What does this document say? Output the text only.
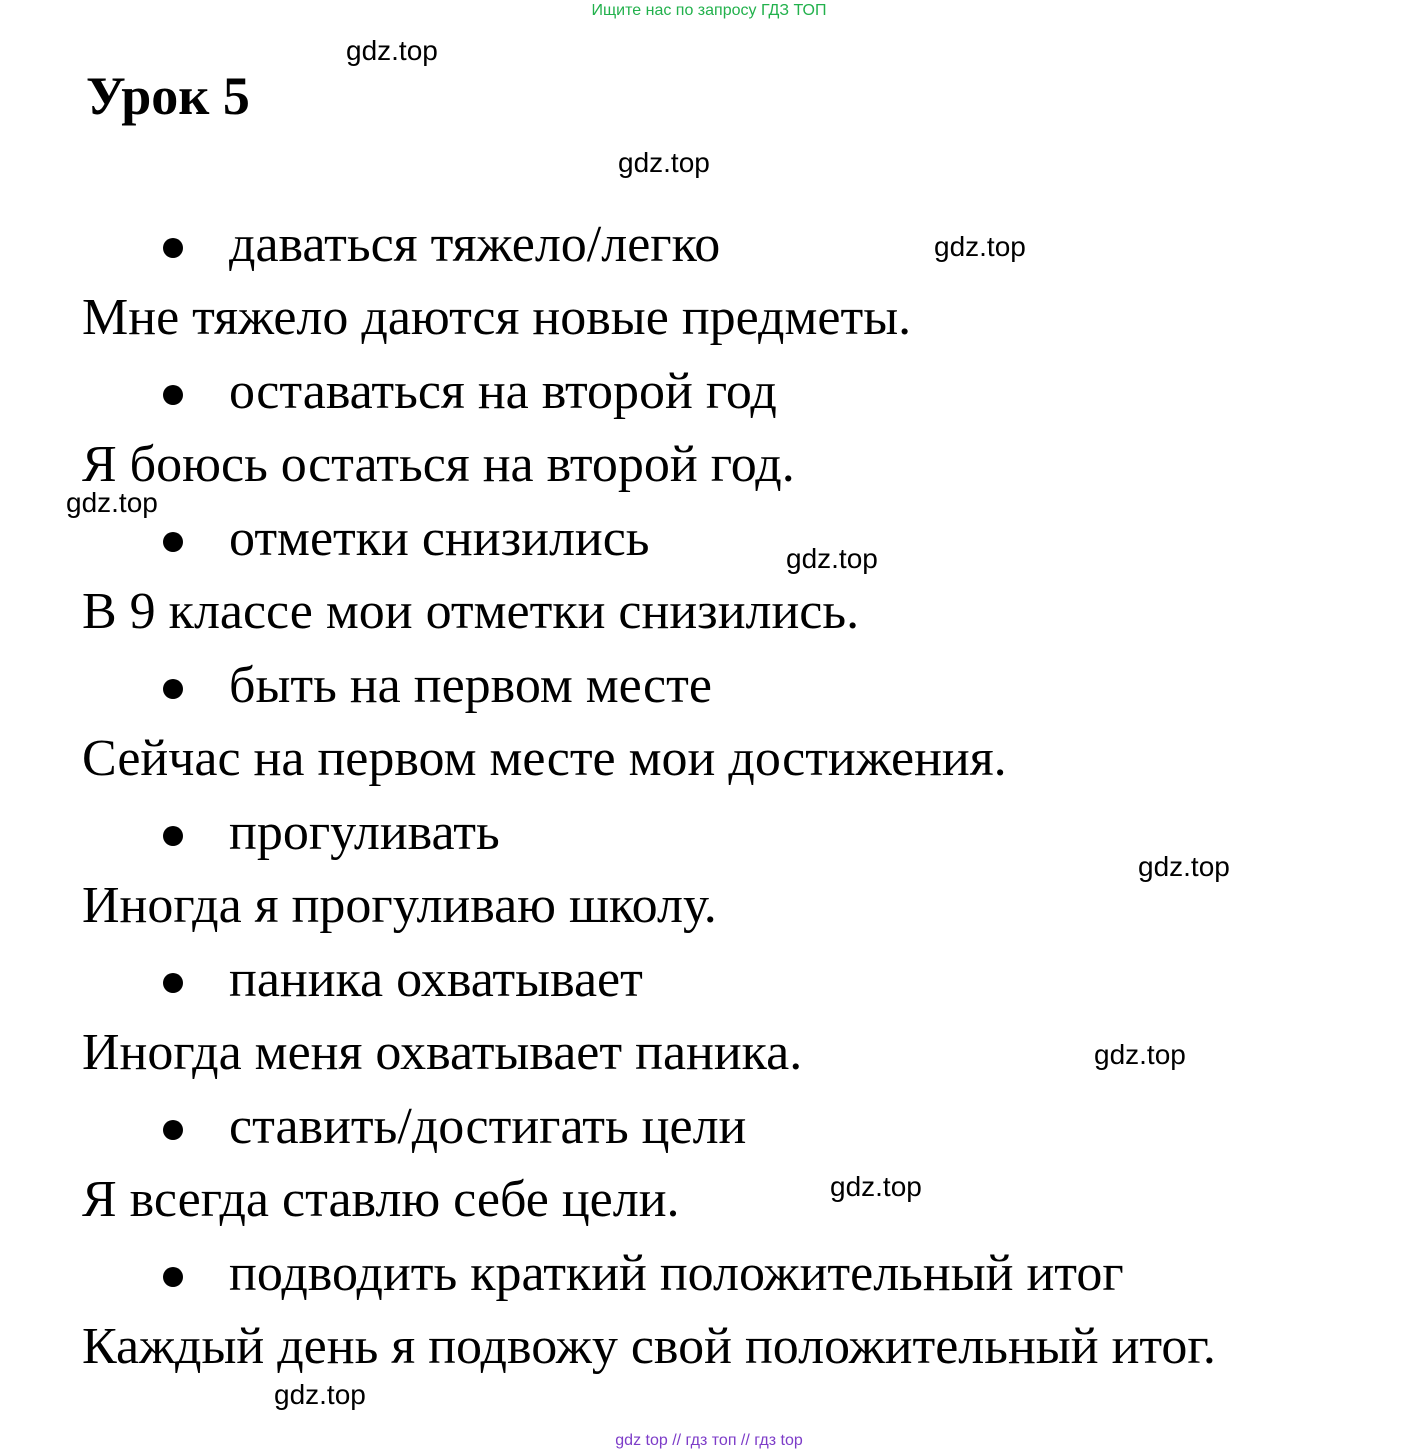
Ищите нас по запросу ГДЗ ТОП
Урок 5
даваться тяжело/легко
Мне тяжело даются новые предметы.
оставаться на второй год
Я боюсь остаться на второй год.
отметки снизились
В 9 классе мои отметки снизились.
быть на первом месте
Сейчас на первом месте мои достижения.
прогуливать
Иногда я прогуливаю школу.
паника охватывает
Иногда меня охватывает паника.
ставить/достигать цели
Я всегда ставлю себе цели.
подводить краткий положительный итог
Каждый день я подвожу свой положительный итог.
gdz.top
gdz.top
gdz.top
gdz.top
gdz.top
gdz.top
gdz.top
gdz.top
gdz.top
gdz top // гдз топ // гдз top
